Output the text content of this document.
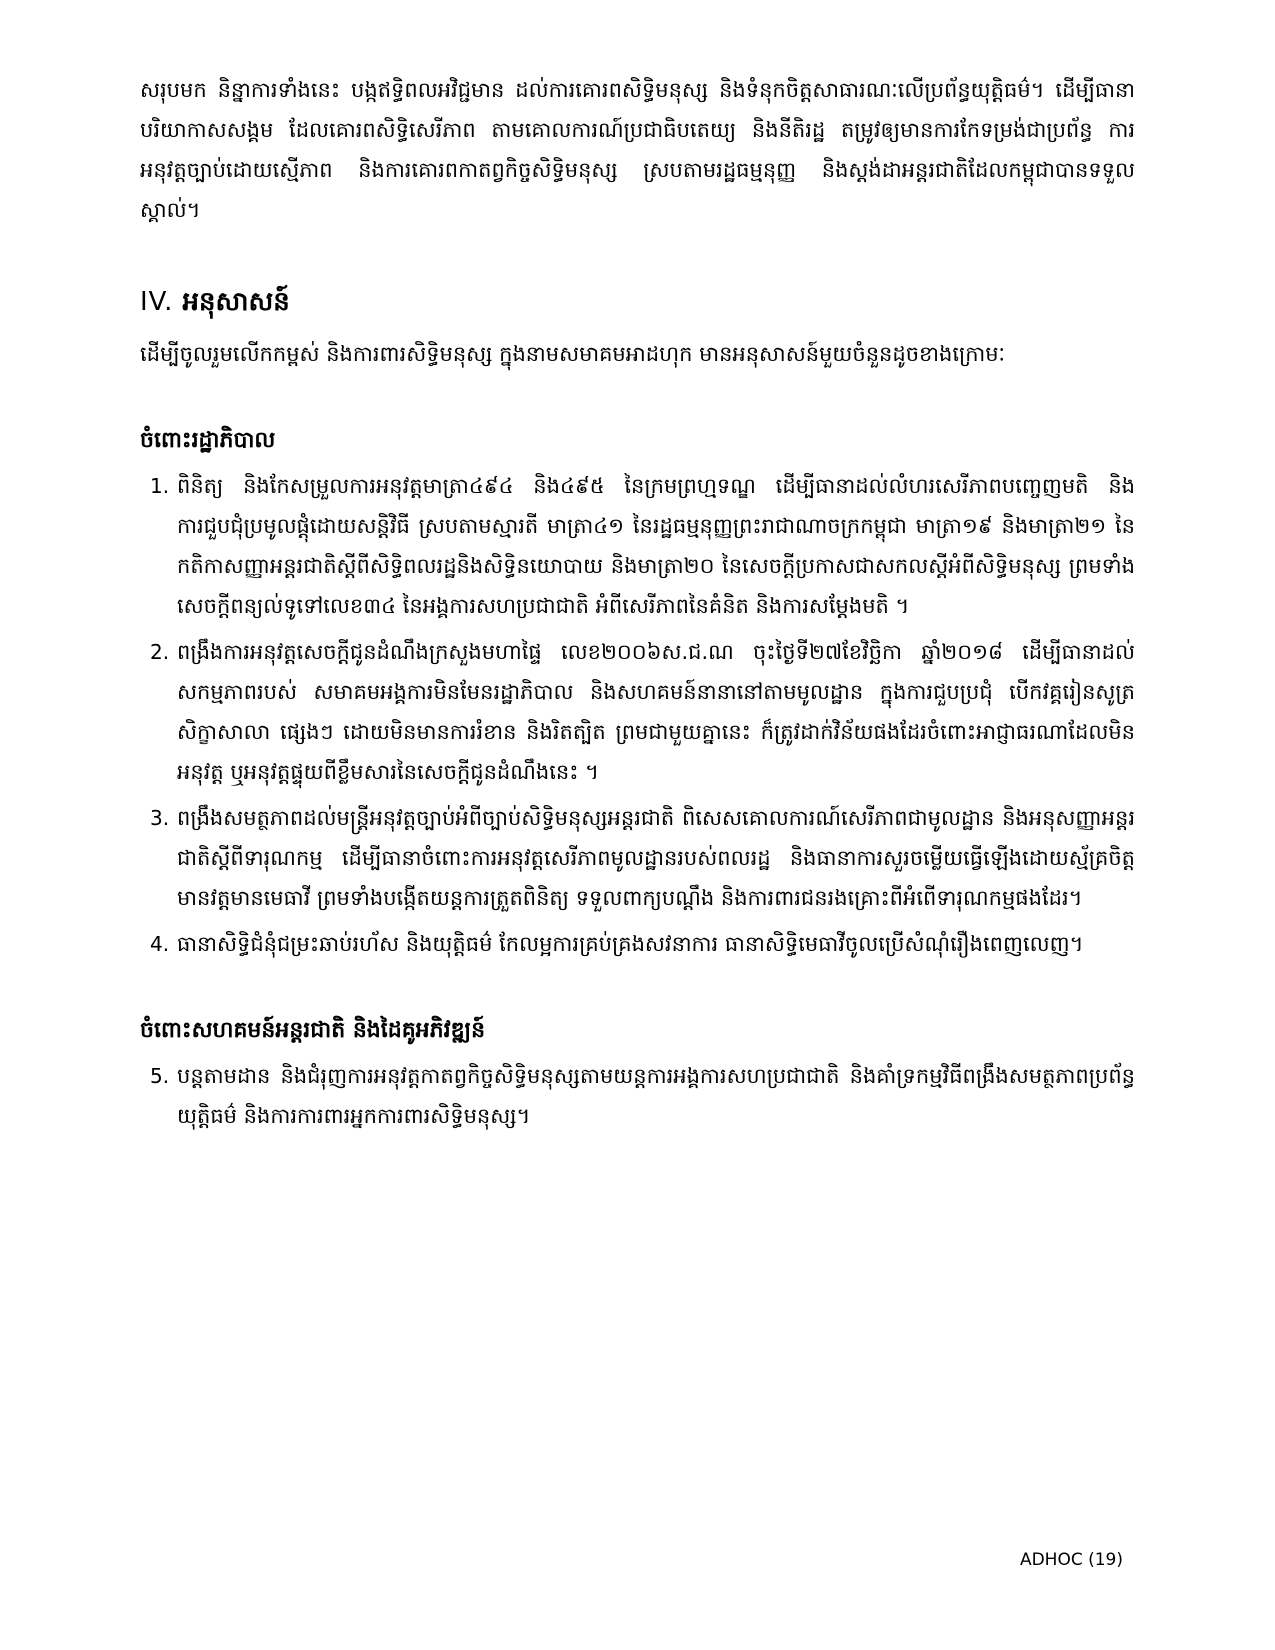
សរុបមក និន្នាការទាំងនេះ បង្កឥទ្ធិពលអវិជ្ជមាន ដល់ការគោរពសិទ្ធិមនុស្ស និងទំនុកចិត្តសាធារណៈលើប្រព័ន្ធយុត្តិធម៌។ ដើម្បីធានាបរិយាកាសសង្គម ដែលគោរពសិទ្ធិសេរីភាព តាមគោលការណ៍ប្រជាធិបតេយ្យ និងនីតិរដ្ឋ តម្រូវឲ្យមានការកែទម្រង់ជាប្រព័ន្ធ ការអនុវត្តច្បាប់ដោយស្មើភាព និងការគោរពកាតព្វកិច្ចសិទ្ធិមនុស្ស ស្របតាមរដ្ឋធម្មនុញ្ញ និងស្តង់ដាអន្តរជាតិដែលកម្ពុជាបានទទួលស្គាល់។

IV. អនុសាសន៍

ដើម្បីចូលរួមលើកកម្ពស់ និងការពារសិទ្ធិមនុស្ស ក្នុងនាមសមាគមអាដហុក មានអនុសាសន៍មួយចំនួនដូចខាងក្រោមៈ

ចំពោះរដ្ឋាភិបាល
1. ពិនិត្យ និងកែសម្រួលការអនុវត្តមាត្រា៤៩៤ និង៤៩៥ នៃក្រមព្រហ្មទណ្ឌ ដើម្បីធានាដល់លំហរសេរីភាពបញ្ចេញមតិ និងការជួបជុំប្រមូលផ្តុំដោយសន្តិវិធី ស្របតាមស្មារតី មាត្រា៤១ នៃរដ្ឋធម្មនុញ្ញព្រះរាជាណាចក្រកម្ពុជា មាត្រា១៩ និងមាត្រា២១ នៃកតិកាសញ្ញាអន្តរជាតិស្តីពីសិទ្ធិពលរដ្ឋនិងសិទ្ធិនយោបាយ និងមាត្រា២០ នៃសេចក្តីប្រកាសជាសកលស្តីអំពីសិទ្ធិមនុស្ស ព្រមទាំង សេចក្តីពន្យល់ទូទៅលេខ៣៤ នៃអង្គការសហប្រជាជាតិ អំពីសេរីភាពនៃគំនិត និងការសម្តែងមតិ ។
2. ពង្រឹងការអនុវត្តសេចក្តីជូនដំណឹងក្រសួងមហាផ្ទៃ លេខ២០០៦ស.ជ.ណ ចុះថ្ងៃទី២៧ខែវិច្ឆិកា ឆ្នាំ២០១៨ ដើម្បីធានាដល់សកម្មភាពរបស់ សមាគមអង្គការមិនមែនរដ្ឋាភិបាល និងសហគមន៍នានានៅតាមមូលដ្ឋាន ក្នុងការជួបប្រជុំ បើកវគ្គរៀនសូត្រ សិក្ខាសាលា ផ្សេងៗ ដោយមិនមានការរំខាន និងរិតត្បិត ព្រមជាមួយគ្នានេះ ក៏ត្រូវដាក់វិន័យផងដែរចំពោះអាជ្ញាធរណាដែលមិនអនុវត្ត ឬអនុវត្តផ្ទុយពីខ្លឹមសារនៃសេចក្តីជូនដំណឹងនេះ ។
3. ពង្រឹងសមត្ថភាពដល់មន្ត្រីអនុវត្តច្បាប់អំពីច្បាប់សិទ្ធិមនុស្សអន្តរជាតិ ពិសេសគោលការណ៍សេរីភាពជាមូលដ្ឋាន និងអនុសញ្ញាអន្តរជាតិស្តីពីទារុណកម្ម ដើម្បីធានាចំពោះការអនុវត្តសេរីភាពមូលដ្ឋានរបស់ពលរដ្ឋ និងធានាការសួរចម្លើយធ្វើឡើងដោយស្ម័គ្រចិត្ត មានវត្តមានមេធាវី ព្រមទាំងបង្កើតយន្តការត្រួតពិនិត្យ ទទួលពាក្យបណ្តឹង និងការពារជនរងគ្រោះពីអំពើទារុណកម្មផងដែរ។
4. ធានាសិទ្ធិជំនុំជម្រះឆាប់រហ័ស និងយុត្តិធម៌ កែលម្អការគ្រប់គ្រងសវនាការ ធានាសិទ្ធិមេធាវីចូលប្រើសំណុំរឿងពេញលេញ។
ចំពោះសហគមន៍អន្តរជាតិ និងដៃគូអភិវឌ្ឍន៍
5. បន្តតាមដាន និងជំរុញការអនុវត្តកាតព្វកិច្ចសិទ្ធិមនុស្សតាមយន្តការអង្គការសហប្រជាជាតិ និងគាំទ្រកម្មវិធីពង្រឹងសមត្ថភាពប្រព័ន្ធយុត្តិធម៌ និងការការពារអ្នកការពារសិទ្ធិមនុស្ស។
ADHOC (19)
